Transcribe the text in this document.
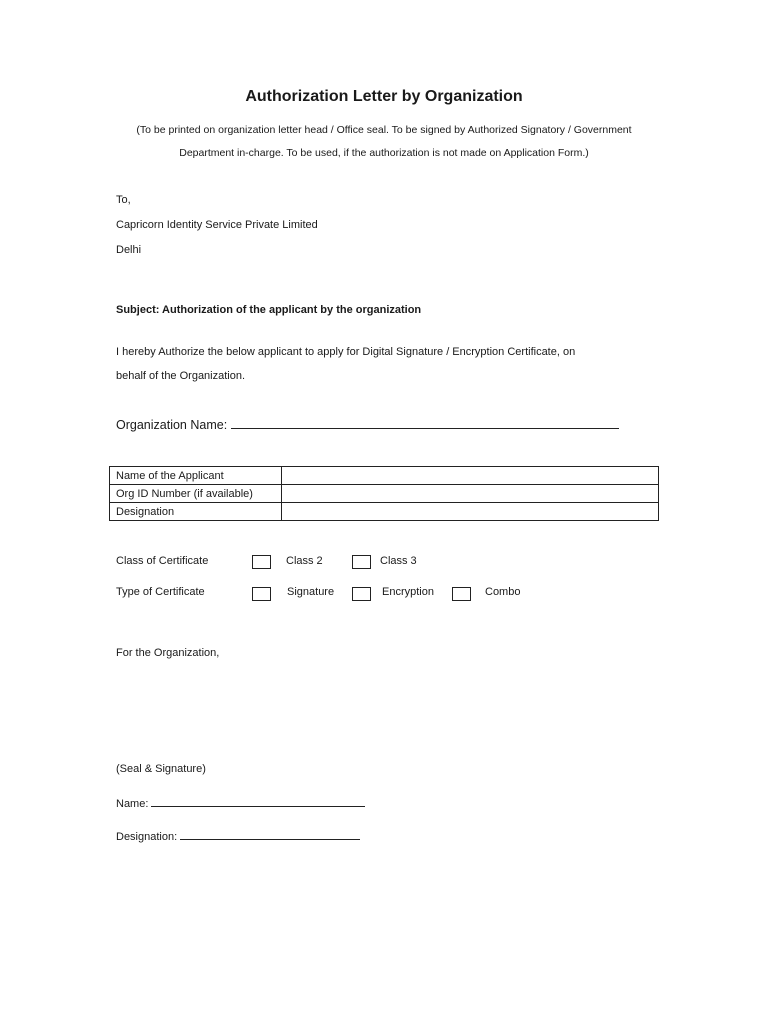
Authorization Letter by Organization
(To be printed on organization letter head / Office seal. To be signed by Authorized Signatory / Government
Department in-charge. To be used, if the authorization is not made on Application Form.)
To,
Capricorn Identity Service Private Limited
Delhi
Subject: Authorization of the applicant by the organization
I hereby Authorize the below applicant to apply for Digital Signature / Encryption Certificate, on
behalf of the Organization.
Organization Name:
Name of the Applicant	
Org ID Number (if available)	
Designation	
Class of Certificate	Class 2	Class 3
Type of Certificate	Signature	Encryption	Combo
For the Organization,
(Seal & Signature)
Name:
Designation:
